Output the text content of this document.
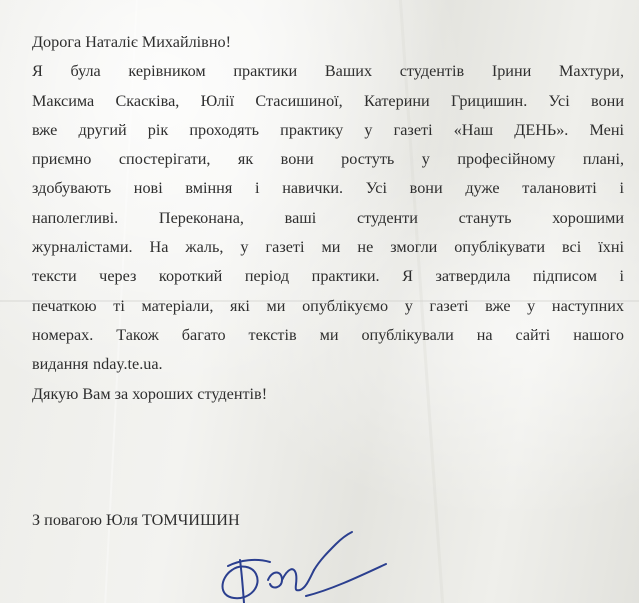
Дорога Наталіє Михайлівно!

Я була керівником практики Ваших студентів Ірини Махтури,
Максима Скасківа, Юлії Стасишиної, Катерини Грицишин. Усі вони
вже другий рік проходять практику у газеті «Наш ДЕНЬ». Мені
приємно спостерігати, як вони ростуть у професійному плані,
здобувають нові вміння і навички. Усі вони дуже талановиті і
наполегливі. Переконана, ваші студенти стануть хорошими
журналістами. На жаль, у газеті ми не змогли опублікувати всі їхні
тексти через короткий період практики. Я затвердила підписом і
печаткою ті матеріали, які ми опублікуємо у газеті вже у наступних
номерах. Також багато текстів ми опублікували на сайті нашого
видання nday.te.ua.

Дякую Вам за хороших студентів!

З повагою Юля ТОМЧИШИН
